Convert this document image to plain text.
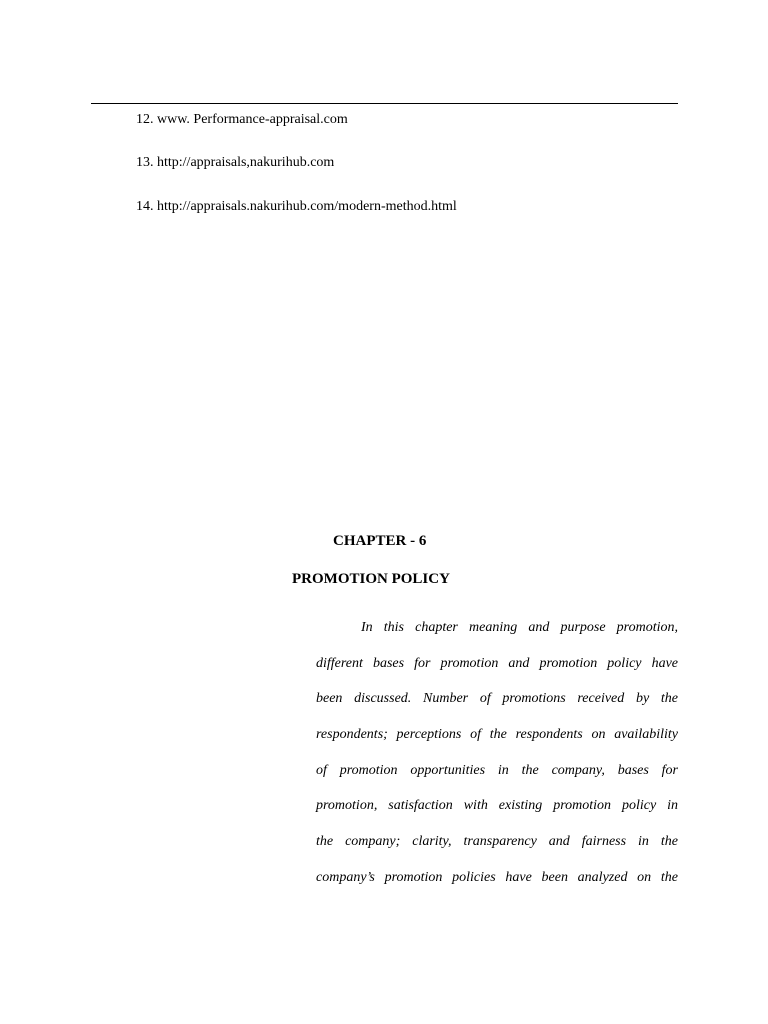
12. www. Performance-appraisal.com
13. http://appraisals,nakurihub.com
14. http://appraisals.nakurihub.com/modern-method.html
CHAPTER - 6
PROMOTION POLICY
In this chapter meaning and purpose promotion,
different bases for promotion and promotion policy have
been discussed. Number of promotions received by the
respondents; perceptions of the respondents on availability
of promotion opportunities in the company, bases for
promotion, satisfaction with existing promotion policy in
the company; clarity, transparency and fairness in the
company’s promotion policies have been analyzed on the
